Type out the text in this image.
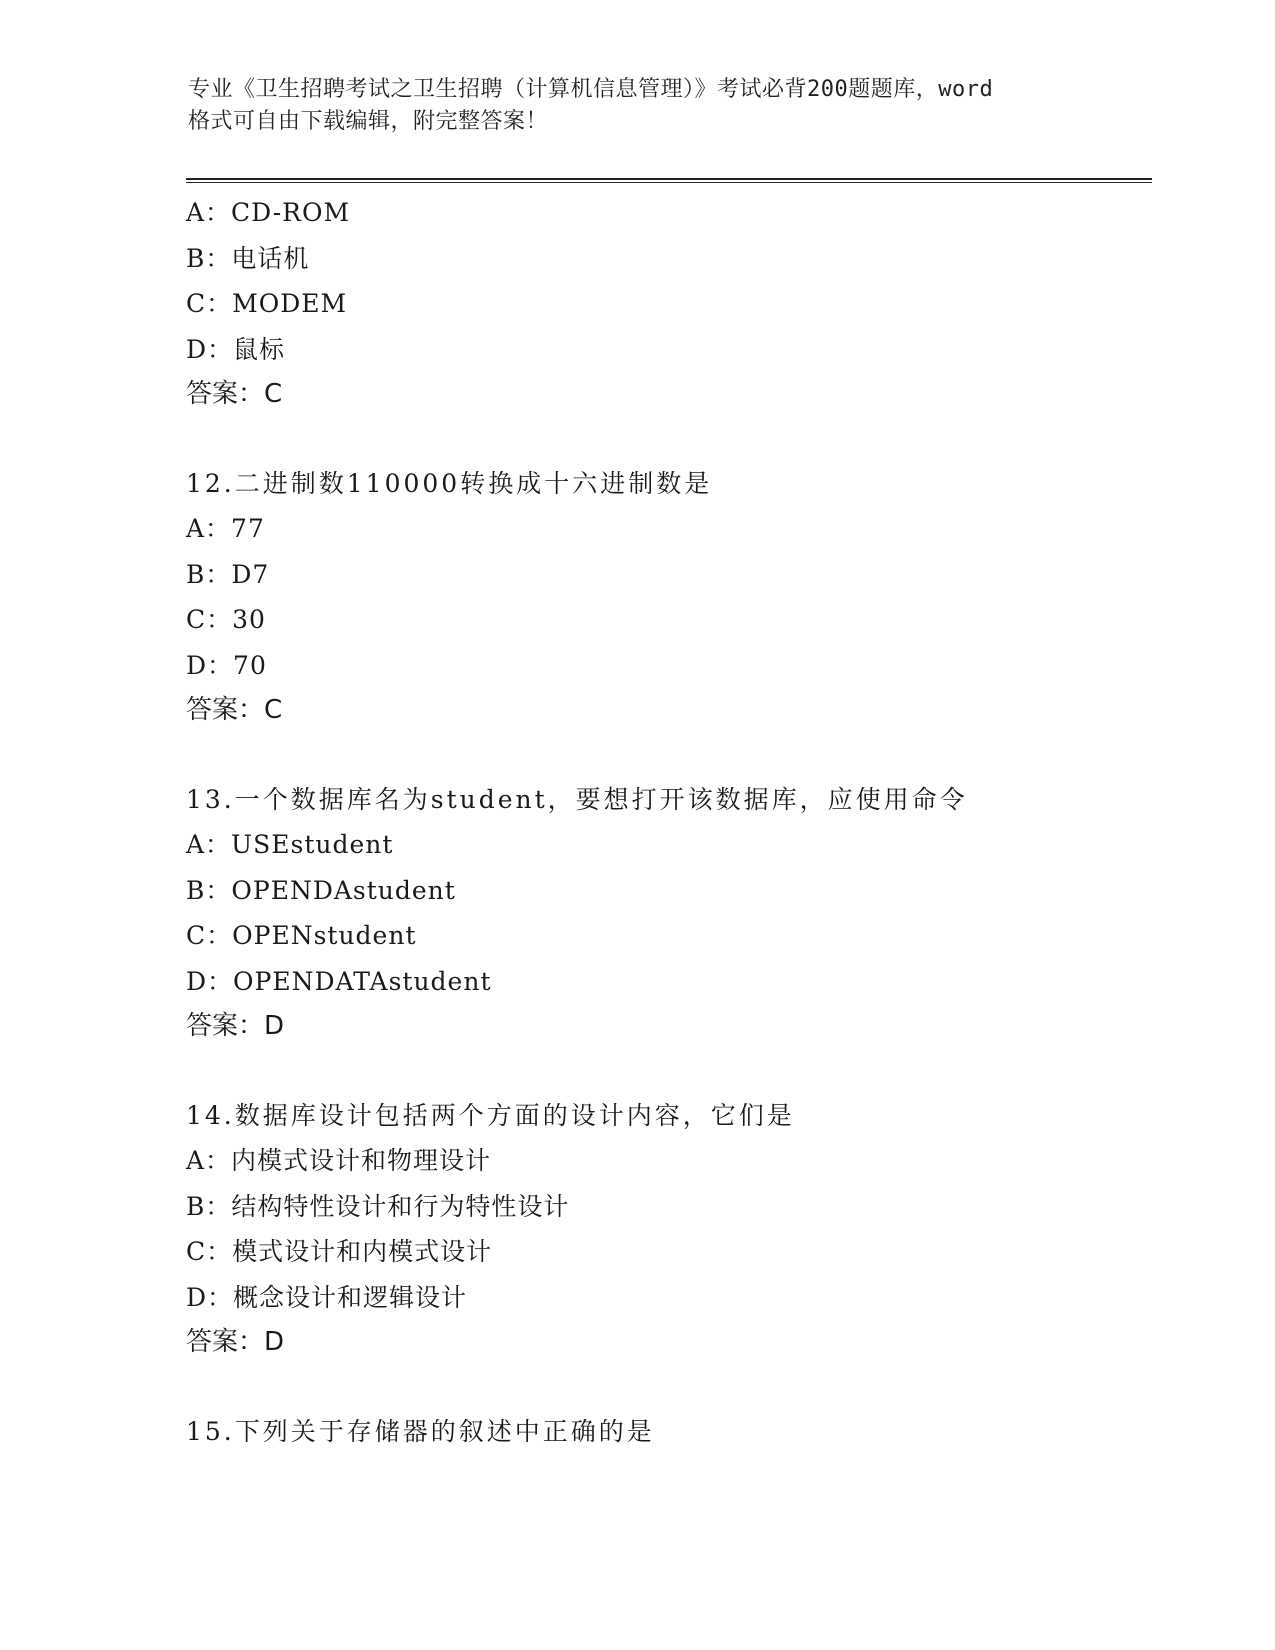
专业《卫生招聘考试之卫生招聘（计算机信息管理）》考试必背200题题库，word
格式可自由下载编辑，附完整答案！
A：CD-ROM
B：电话机
C：MODEM
D：鼠标
答案：C
12.二进制数110000转换成十六进制数是
A：77
B：D7
C：30
D：70
答案：C
13.一个数据库名为student，要想打开该数据库，应使用命令
A：USEstudent
B：OPENDAstudent
C：OPENstudent
D：OPENDATAstudent
答案：D
14.数据库设计包括两个方面的设计内容，它们是
A：内模式设计和物理设计
B：结构特性设计和行为特性设计
C：模式设计和内模式设计
D：概念设计和逻辑设计
答案：D
15.下列关于存储器的叙述中正确的是
